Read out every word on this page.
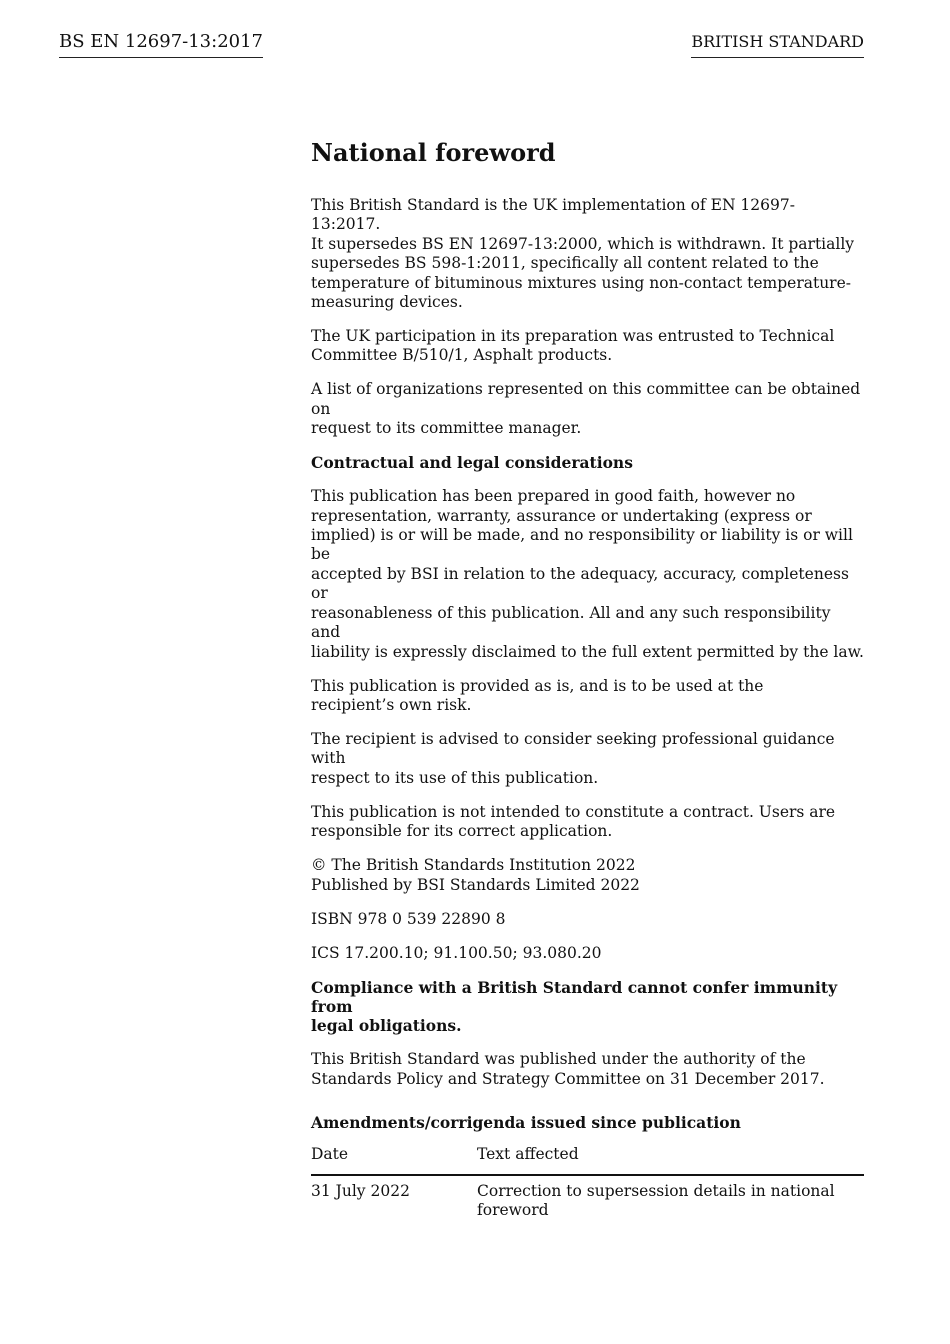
BS EN 12697-13:2017	BRITISH STANDARD
National foreword

This British Standard is the UK implementation of EN 12697-13:2017.
It supersedes BS EN 12697-13:2000, which is withdrawn. It partially
supersedes BS 598-1:2011, specifically all content related to the
temperature of bituminous mixtures using non-contact temperature-
measuring devices.

The UK participation in its preparation was entrusted to Technical
Committee B/510/1, Asphalt products.

A list of organizations represented on this committee can be obtained on
request to its committee manager.

Contractual and legal considerations

This publication has been prepared in good faith, however no
representation, warranty, assurance or undertaking (express or
implied) is or will be made, and no responsibility or liability is or will be
accepted by BSI in relation to the adequacy, accuracy, completeness or
reasonableness of this publication. All and any such responsibility and
liability is expressly disclaimed to the full extent permitted by the law.

This publication is provided as is, and is to be used at the
recipient’s own risk.

The recipient is advised to consider seeking professional guidance with
respect to its use of this publication.

This publication is not intended to constitute a contract. Users are
responsible for its correct application.

© The British Standards Institution 2022
Published by BSI Standards Limited 2022

ISBN 978 0 539 22890 8

ICS 17.200.10; 91.100.50; 93.080.20

Compliance with a British Standard cannot confer immunity from
legal obligations.

This British Standard was published under the authority of the
Standards Policy and Strategy Committee on 31 December 2017.

Amendments/corrigenda issued since publication
Date	Text affected
31 July 2022	Correction to supersession details in national
foreword
